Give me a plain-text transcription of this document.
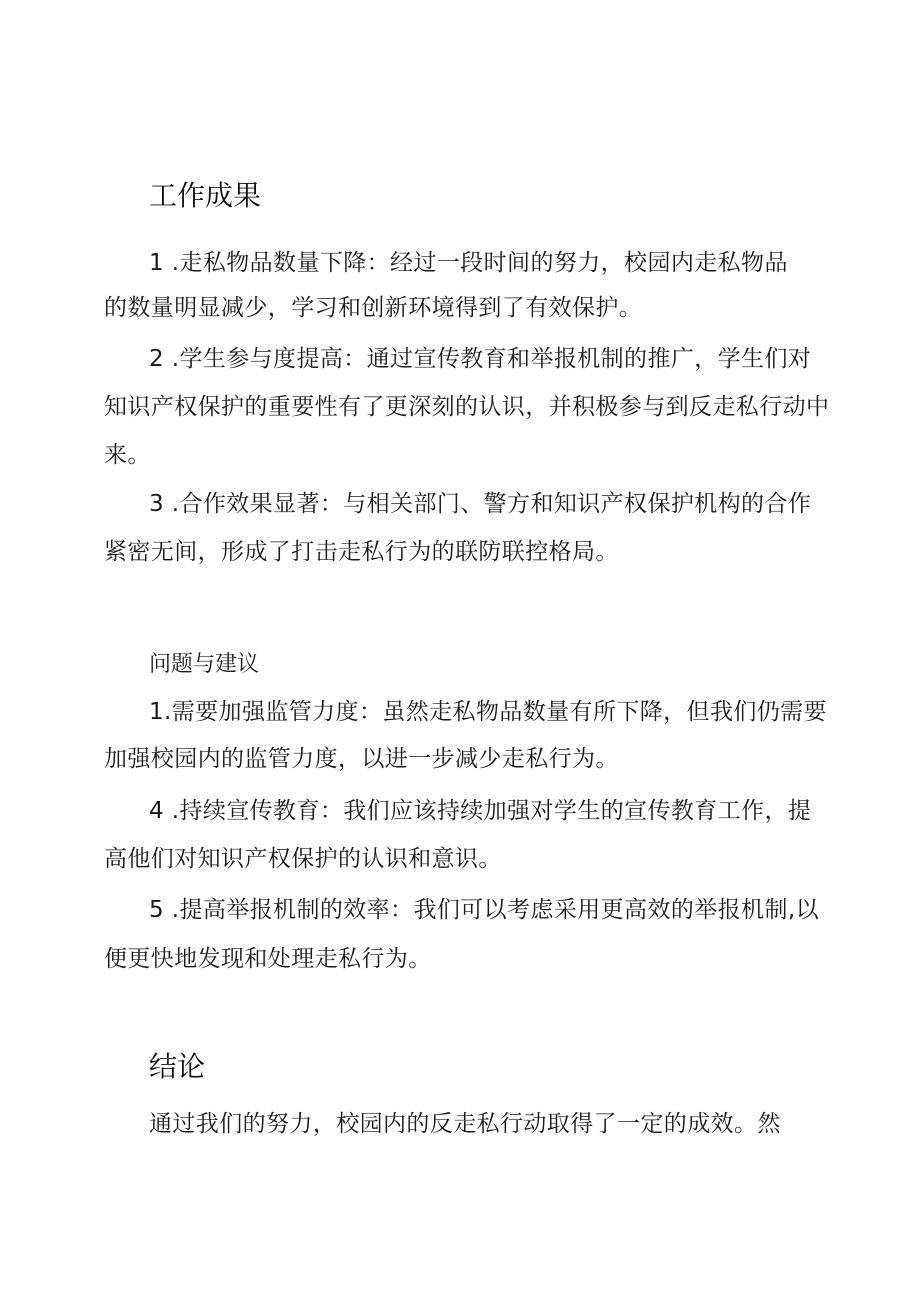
工作成果
1 .走私物品数量下降：经过一段时间的努力，校园内走私物品
的数量明显减少，学习和创新环境得到了有效保护。
2 .学生参与度提高：通过宣传教育和举报机制的推广，学生们对
知识产权保护的重要性有了更深刻的认识，并积极参与到反走私行动中
来。
3 .合作效果显著：与相关部门、警方和知识产权保护机构的合作
紧密无间，形成了打击走私行为的联防联控格局。
问题与建议
1.需要加强监管力度：虽然走私物品数量有所下降，但我们仍需要
加强校园内的监管力度，以进一步减少走私行为。
4 .持续宣传教育：我们应该持续加强对学生的宣传教育工作，提
高他们对知识产权保护的认识和意识。
5 .提高举报机制的效率：我们可以考虑采用更高效的举报机制,以
便更快地发现和处理走私行为。
结论
通过我们的努力，校园内的反走私行动取得了一定的成效。然
